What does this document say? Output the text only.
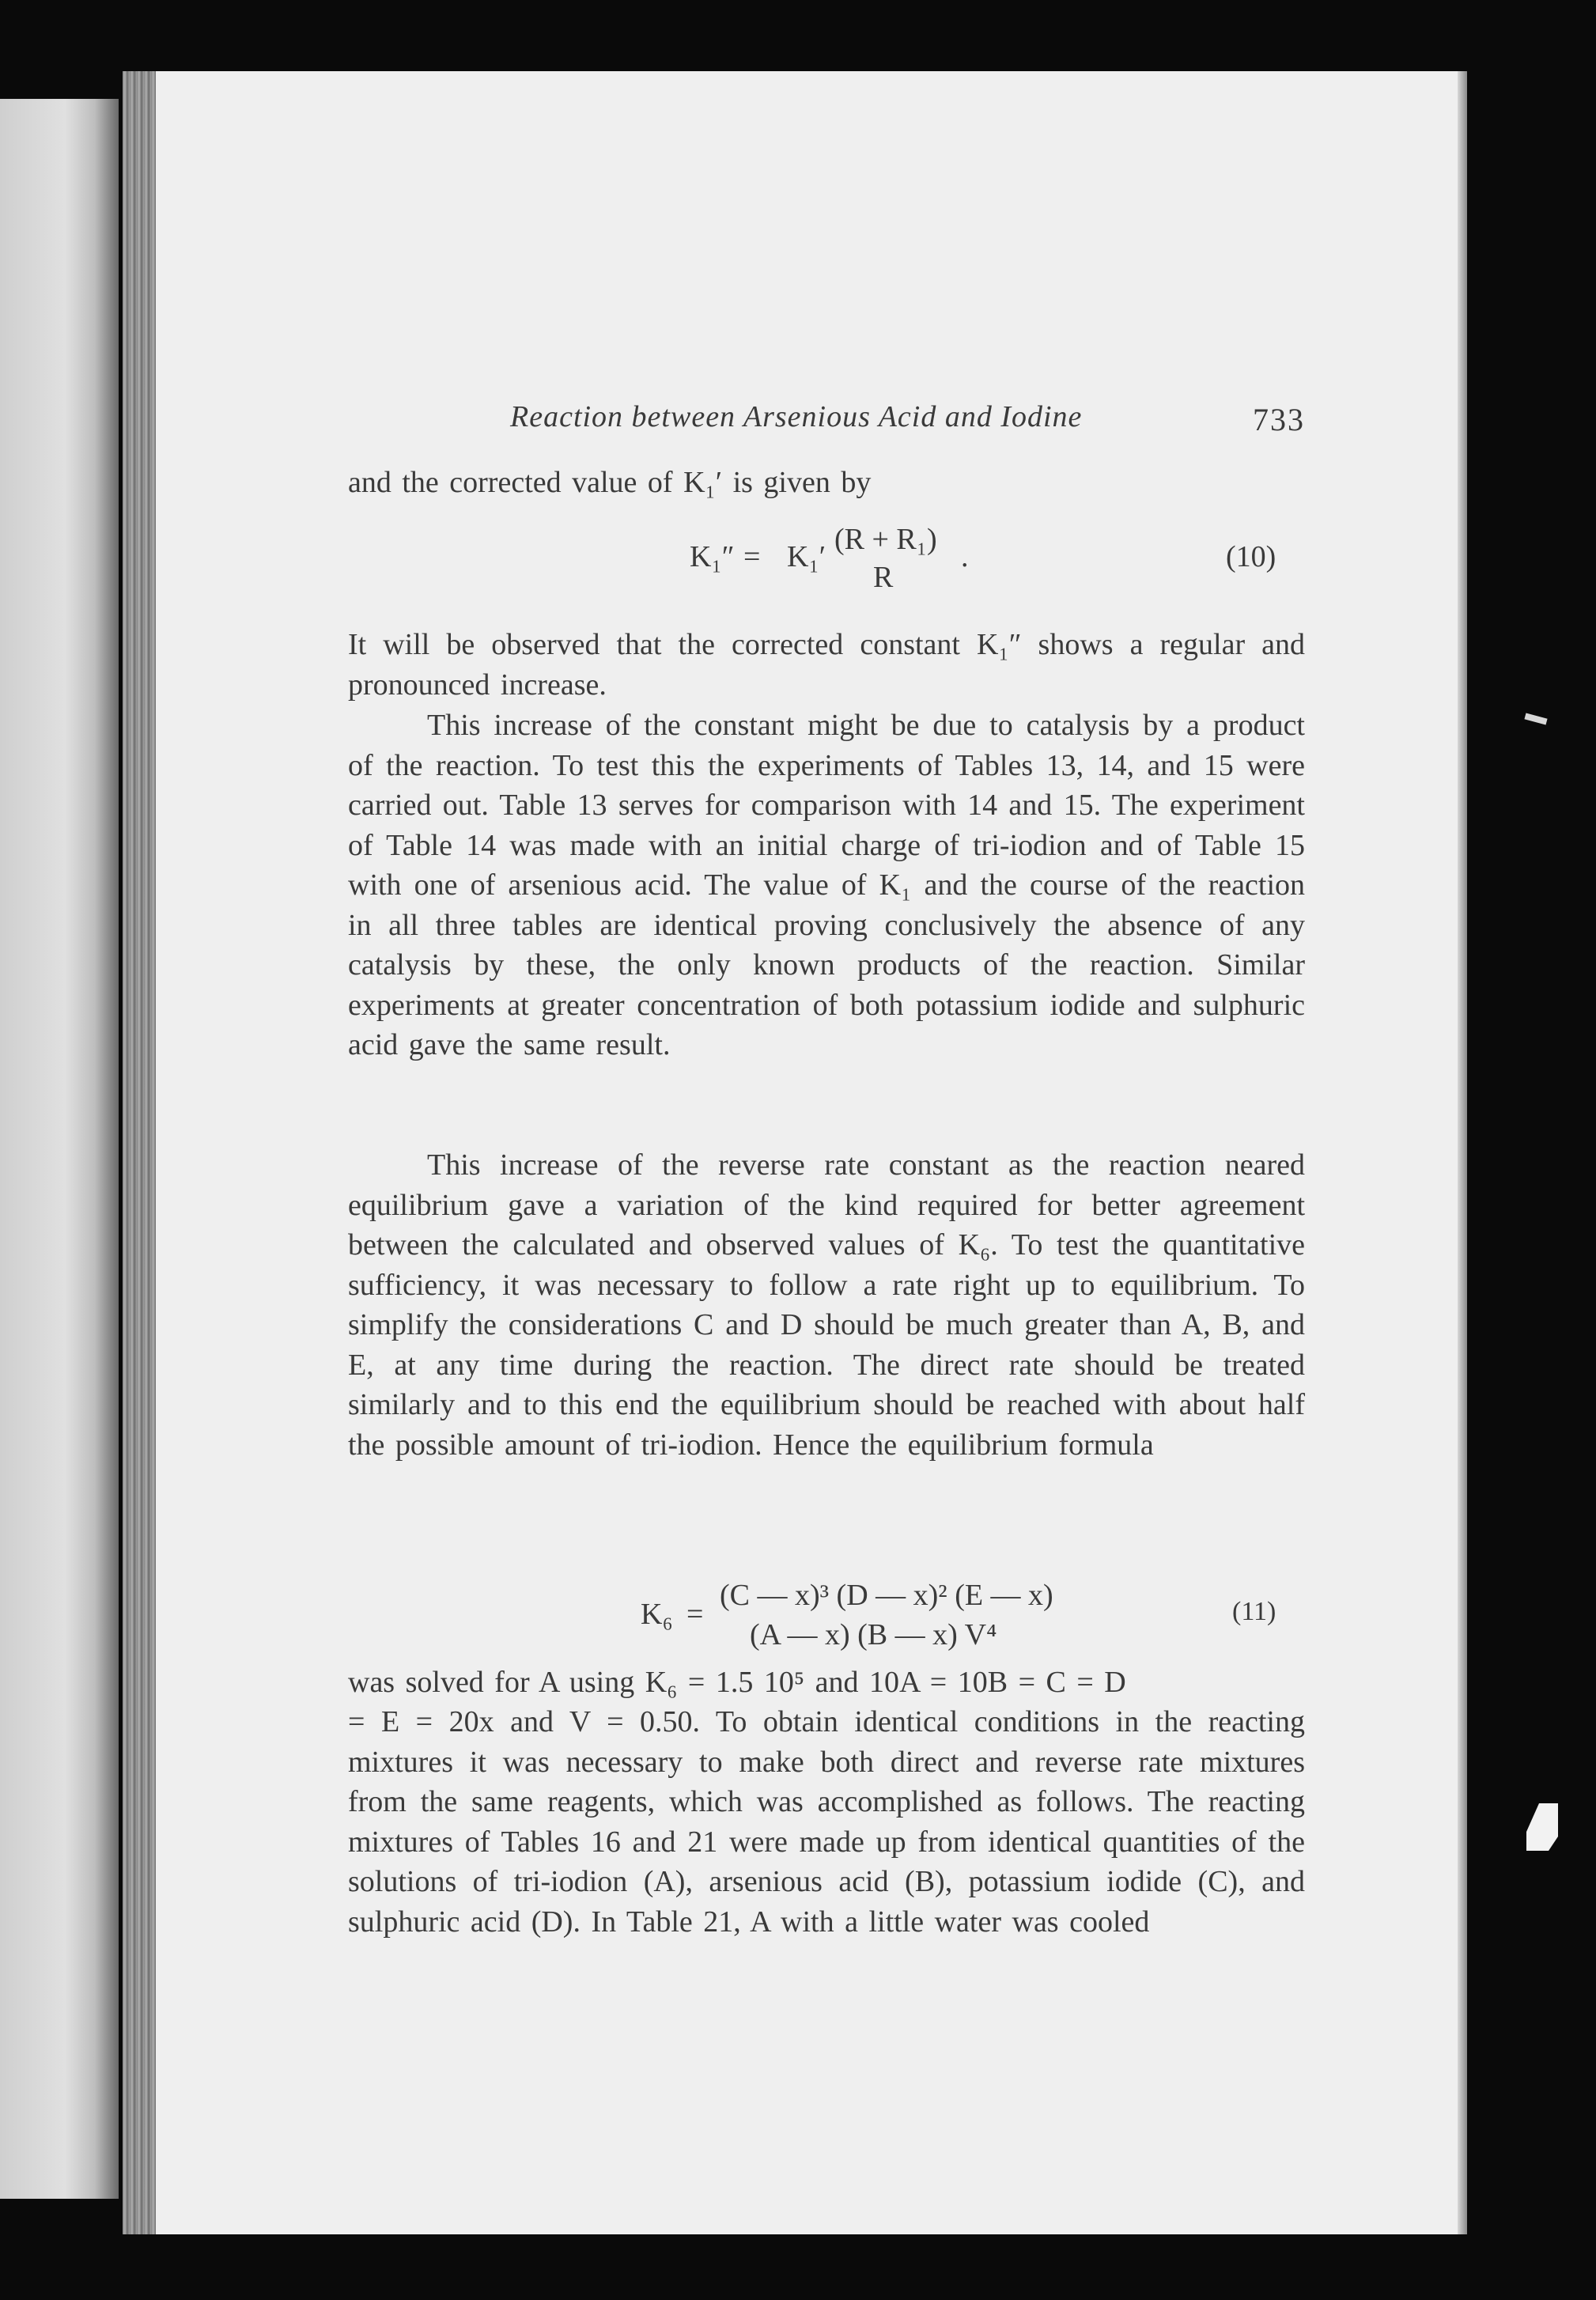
Reaction between Arsenious Acid and Iodine	733

and the corrected value of K₁′ is given by

K₁″ = K₁′
(R + R₁)
R
.	(10)

It will be observed that the corrected constant K₁″ shows a regular and pronounced increase.

This increase of the constant might be due to catalysis by a product of the reaction. To test this the experiments of Tables 13, 14, and 15 were carried out. Table 13 serves for comparison with 14 and 15. The experiment of Table 14 was made with an initial charge of tri-iodion and of Table 15 with one of arsenious acid. The value of K₁ and the course of the reaction in all three tables are identical proving conclusively the absence of any catalysis by these, the only known products of the reaction. Similar experiments at greater concentration of both potassium iodide and sulphuric acid gave the same result.

This increase of the reverse rate constant as the reaction neared equilibrium gave a variation of the kind required for better agreement between the calculated and observed values of K₆. To test the quantitative sufficiency, it was necessary to follow a rate right up to equilibrium. To simplify the considerations C and D should be much greater than A, B, and E, at any time during the reaction. The direct rate should be treated similarly and to this end the equilibrium should be reached with about half the possible amount of tri-iodion. Hence the equilibrium formula

K₆ =
(C — x)³ (D — x)² (E — x)
(A — x) (B — x) V⁴
(11)

was solved for A using K₆ = 1.5 10⁵ and 10A = 10B = C = D

= E = 20x and V = 0.50. To obtain identical conditions in the reacting mixtures it was necessary to make both direct and reverse rate mixtures from the same reagents, which was accomplished as follows. The reacting mixtures of Tables 16 and 21 were made up from identical quantities of the solutions of tri-iodion (A), arsenious acid (B), potassium iodide (C), and sulphuric acid (D). In Table 21, A with a little water was cooled
